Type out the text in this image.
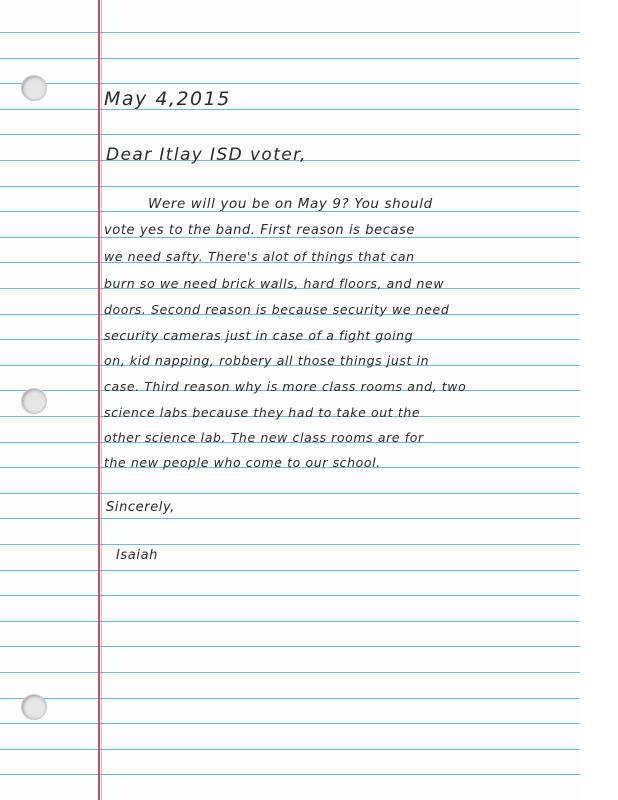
May 4,2015
Dear Itlay ISD voter,
Were will you be on May 9? You should
vote yes to the band. First reason is becase
we need safty. There's alot of things that can
burn so we need brick walls, hard floors, and new
doors. Second reason is because security we need
security cameras just in case of a fight going
on, kid napping, robbery all those things just in
case. Third reason why is more class rooms and, two
science labs because they had to take out the
other science lab. The new class rooms are for
the new people who come to our school.
Sincerely,
Isaiah
